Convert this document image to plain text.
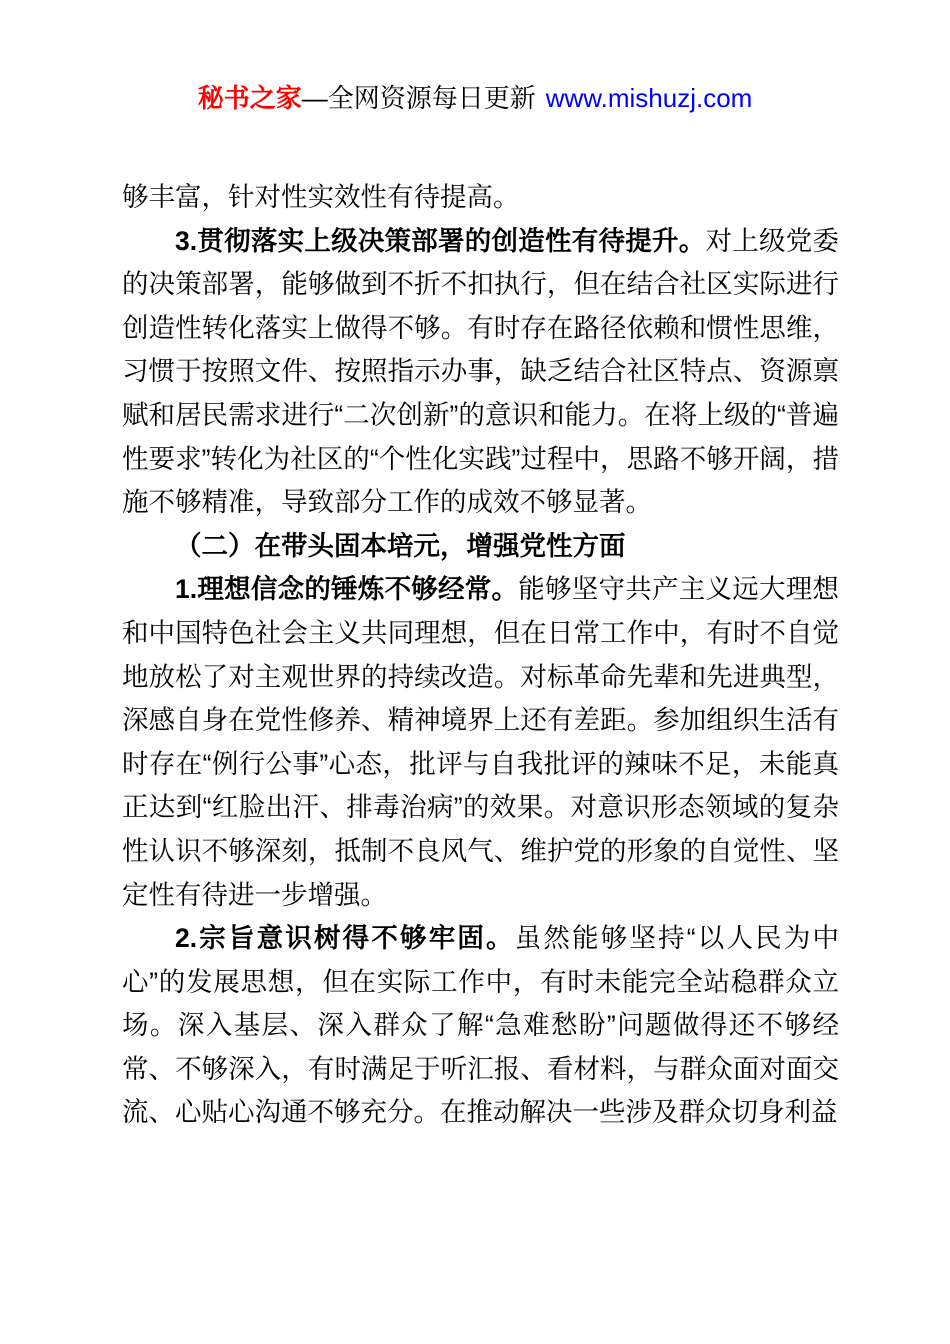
秘书之家—全网资源每日更新 www.mishuzj.com

够丰富，针对性实效性有待提高。

3.贯彻落实上级决策部署的创造性有待提升。对上级党委的决策部署，能够做到不折不扣执行，但在结合社区实际进行创造性转化落实上做得不够。有时存在路径依赖和惯性思维，习惯于按照文件、按照指示办事，缺乏结合社区特点、资源禀赋和居民需求进行“二次创新”的意识和能力。在将上级的“普遍性要求”转化为社区的“个性化实践”过程中，思路不够开阔，措施不够精准，导致部分工作的成效不够显著。

（二）在带头固本培元，增强党性方面

1.理想信念的锤炼不够经常。能够坚守共产主义远大理想和中国特色社会主义共同理想，但在日常工作中，有时不自觉地放松了对主观世界的持续改造。对标革命先辈和先进典型，深感自身在党性修养、精神境界上还有差距。参加组织生活有时存在“例行公事”心态，批评与自我批评的辣味不足，未能真正达到“红脸出汗、排毒治病”的效果。对意识形态领域的复杂性认识不够深刻，抵制不良风气、维护党的形象的自觉性、坚定性有待进一步增强。

2.宗旨意识树得不够牢固。虽然能够坚持“以人民为中心”的发展思想，但在实际工作中，有时未能完全站稳群众立场。深入基层、深入群众了解“急难愁盼”问题做得还不够经常、不够深入，有时满足于听汇报、看材料，与群众面对面交流、心贴心沟通不够充分。在推动解决一些涉及群众切身利益
